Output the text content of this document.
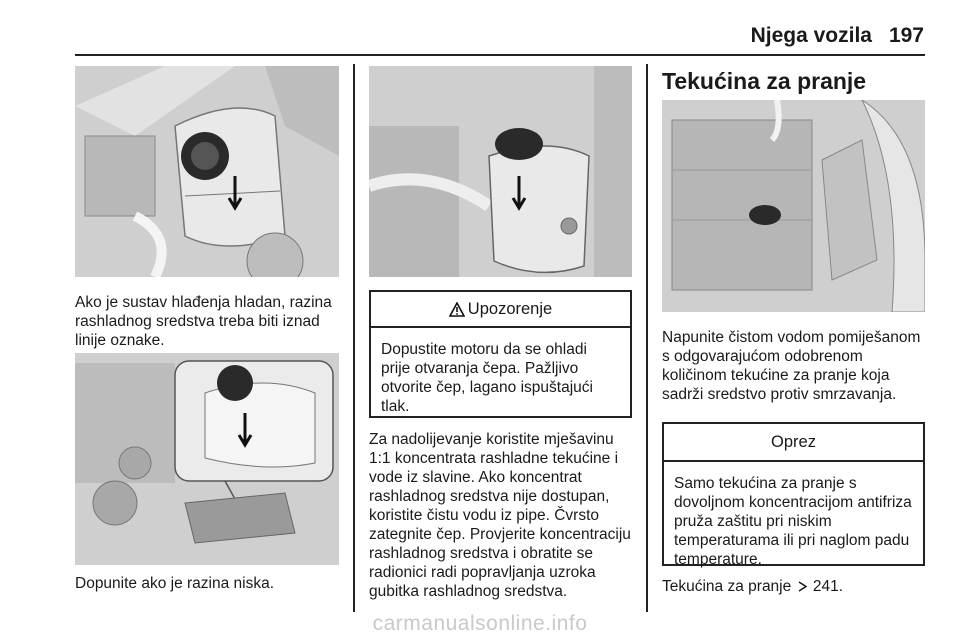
Njega vozila 197

Ako je sustav hlađenja hladan, razina rashladnog sredstva treba biti iznad linije oznake.

Dopunite ako je razina niska.

Upozorenje
Dopustite motoru da se ohladi prije otvaranja čepa. Pažljivo otvorite čep, lagano ispuštajući tlak.

Za nadolijevanje koristite mješavinu 1:1 koncentrata rashladne tekućine i vode iz slavine. Ako koncentrat rashladnog sredstva nije dostupan, koristite čistu vodu iz pipe. Čvrsto zategnite čep. Provjerite koncentraciju rashladnog sredstva i obratite se radionici radi popravljanja uzroka gubitka rashladnog sredstva.

Tekućina za pranje

Napunite čistom vodom pomiješanom s odgovarajućom odobrenom količinom tekućine za pranje koja sadrži sredstvo protiv smrzavanja.

Oprez
Samo tekućina za pranje s dovoljnom koncentracijom antifriza pruža zaštitu pri niskim temperaturama ili pri naglom padu temperature.

Tekućina za pranje 241.

carmanualsonline.info
